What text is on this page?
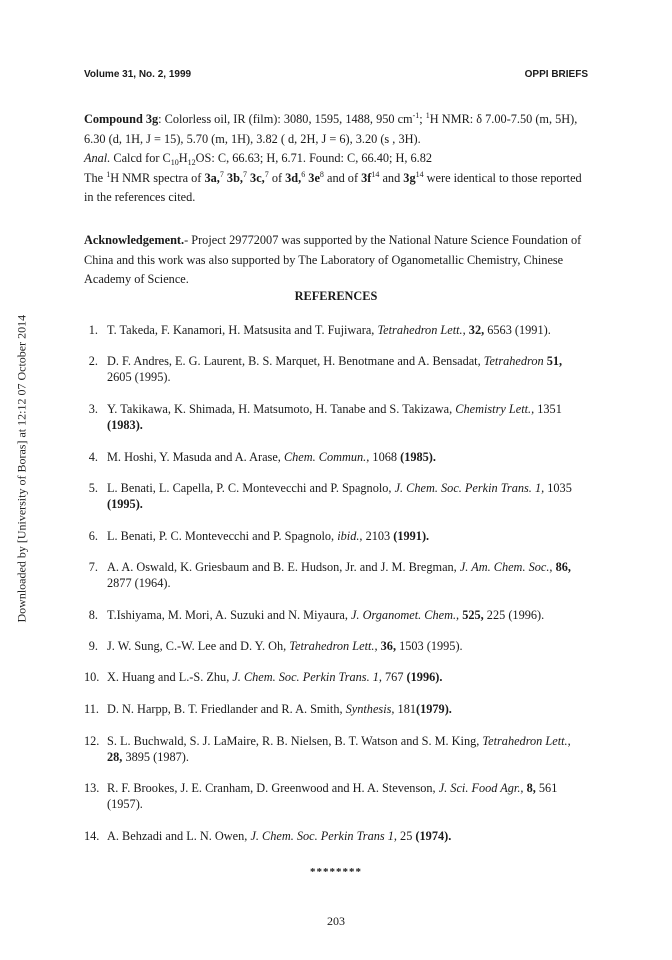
Volume 31, No. 2, 1999	OPPI BRIEFS
Downloaded by [University of Boras] at 12:12 07 October 2014
Compound 3g: Colorless oil, IR (film): 3080, 1595, 1488, 950 $cm^{-1}$; $^1$H NMR: δ 7.00-7.50 (m, 5H),
6.30 (d, 1H, J = 15), 5.70 (m, 1H), 3.82 ( d, 2H, J = 6), 3.20 (s , 3H).
Anal. Calcd for $C_{10}H_{12}OS$: C, 66.63; H, 6.71. Found: C, 66.40; H, 6.82
The $^1$H NMR spectra of 3a,$^7$ 3b,$^7$ 3c,$^7$ of 3d,$^6$ $3e^8$ and of $3f^{14}$ and $3g^{14}$ were identical to those reported
in the references cited.
Acknowledgement.- Project 29772007 was supported by the National Nature Science Foundation of China and this work was also supported by The Laboratory of Oganometallic Chemistry, Chinese Academy of Science.
REFERENCES
1. T. Takeda, F. Kanamori, H. Matsusita and T. Fujiwara, Tetrahedron Lett., 32, 6563 (1991).
2. D. F. Andres, E. G. Laurent, B. S. Marquet, H. Benotmane and A. Bensadat, Tetrahedron 51, 2605 (1995).
3. Y. Takikawa, K. Shimada, H. Matsumoto, H. Tanabe and S. Takizawa, Chemistry Lett., 1351 (1983).
4. M. Hoshi, Y. Masuda and A. Arase, Chem. Commun., 1068 (1985).
5. L. Benati, L. Capella, P. C. Montevecchi and P. Spagnolo, J. Chem. Soc. Perkin Trans. 1, 1035 (1995).
6. L. Benati, P. C. Montevecchi and P. Spagnolo, ibid., 2103 (1991).
7. A. A. Oswald, K. Griesbaum and B. E. Hudson, Jr. and J. M. Bregman, J. Am. Chem. Soc., 86, 2877 (1964).
8. T.Ishiyama, M. Mori, A. Suzuki and N. Miyaura, J. Organomet. Chem., 525, 225 (1996).
9. J. W. Sung, C.-W. Lee and D. Y. Oh, Tetrahedron Lett., 36, 1503 (1995).
10. X. Huang and L.-S. Zhu, J. Chem. Soc. Perkin Trans. 1, 767 (1996).
11. D. N. Harpp, B. T. Friedlander and R. A. Smith, Synthesis, 181(1979).
12. S. L. Buchwald, S. J. LaMaire, R. B. Nielsen, B. T. Watson and S. M. King, Tetrahedron Lett., 28, 3895 (1987).
13. R. F. Brookes, J. E. Cranham, D. Greenwood and H. A. Stevenson, J. Sci. Food Agr., 8, 561 (1957).
14. A. Behzadi and L. N. Owen, J. Chem. Soc. Perkin Trans 1, 25 (1974).
********
203
